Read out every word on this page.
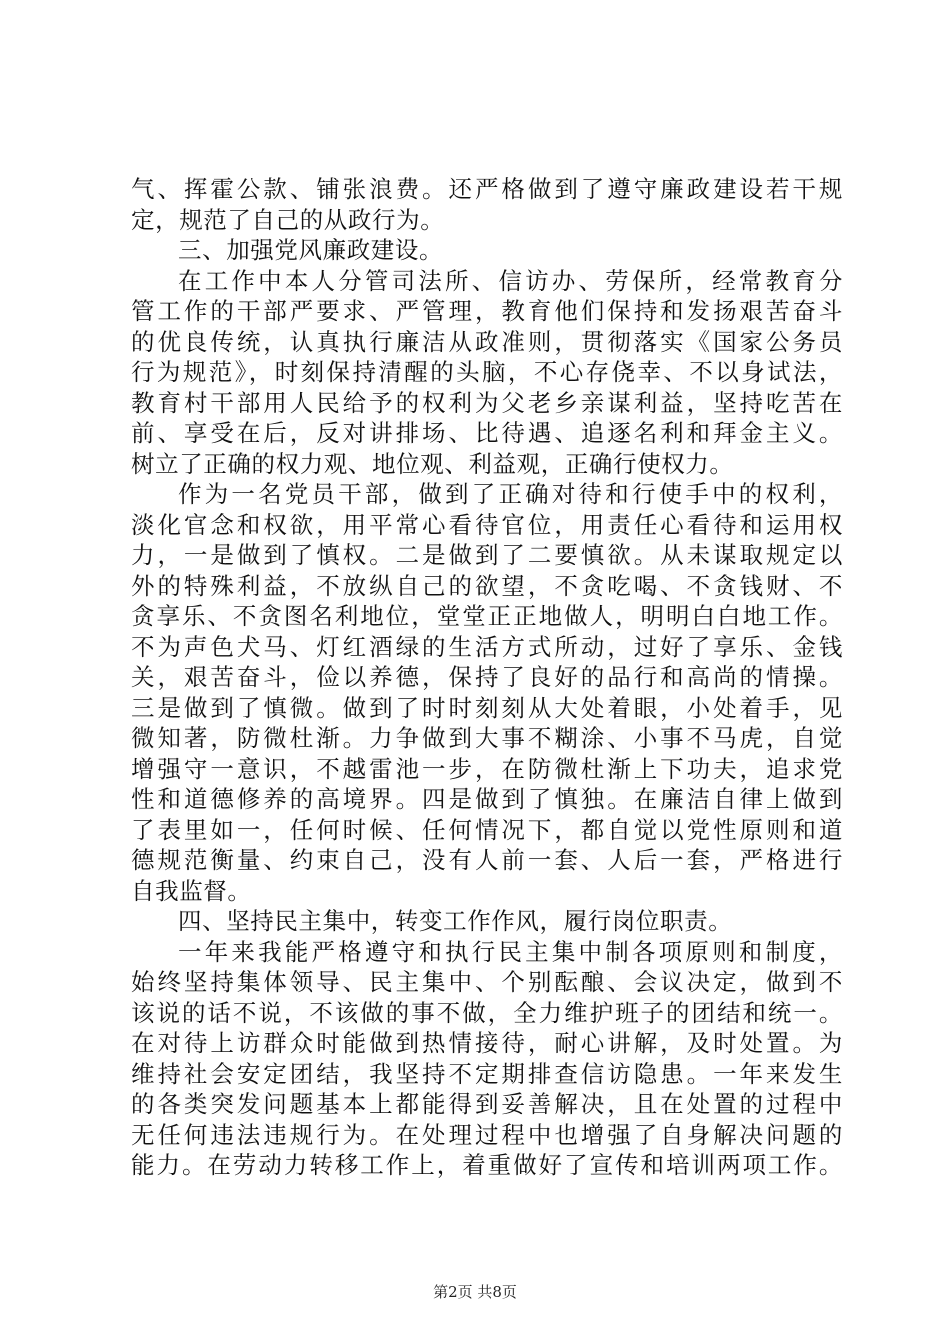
气、挥霍公款、铺张浪费。还严格做到了遵守廉政建设若干规
定，规范了自己的从政行为。
三、加强党风廉政建设。
在工作中本人分管司法所、信访办、劳保所，经常教育分
管工作的干部严要求、严管理，教育他们保持和发扬艰苦奋斗
的优良传统，认真执行廉洁从政准则，贯彻落实《国家公务员
行为规范》，时刻保持清醒的头脑，不心存侥幸、不以身试法，
教育村干部用人民给予的权利为父老乡亲谋利益，坚持吃苦在
前、享受在后，反对讲排场、比待遇、追逐名利和拜金主义。
树立了正确的权力观、地位观、利益观，正确行使权力。
作为一名党员干部，做到了正确对待和行使手中的权利，
淡化官念和权欲，用平常心看待官位，用责任心看待和运用权
力，一是做到了慎权。二是做到了二要慎欲。从未谋取规定以
外的特殊利益，不放纵自己的欲望，不贪吃喝、不贪钱财、不
贪享乐、不贪图名利地位，堂堂正正地做人，明明白白地工作。
不为声色犬马、灯红酒绿的生活方式所动，过好了享乐、金钱
关，艰苦奋斗，俭以养德，保持了良好的品行和高尚的情操。
三是做到了慎微。做到了时时刻刻从大处着眼，小处着手，见
微知著，防微杜渐。力争做到大事不糊涂、小事不马虎，自觉
增强守一意识，不越雷池一步，在防微杜渐上下功夫，追求党
性和道德修养的高境界。四是做到了慎独。在廉洁自律上做到
了表里如一，任何时候、任何情况下，都自觉以党性原则和道
德规范衡量、约束自己，没有人前一套、人后一套，严格进行
自我监督。
四、坚持民主集中，转变工作作风，履行岗位职责。
一年来我能严格遵守和执行民主集中制各项原则和制度，
始终坚持集体领导、民主集中、个别酝酿、会议决定，做到不
该说的话不说，不该做的事不做，全力维护班子的团结和统一。
在对待上访群众时能做到热情接待，耐心讲解，及时处置。为
维持社会安定团结，我坚持不定期排查信访隐患。一年来发生
的各类突发问题基本上都能得到妥善解决，且在处置的过程中
无任何违法违规行为。在处理过程中也增强了自身解决问题的
能力。在劳动力转移工作上，着重做好了宣传和培训两项工作。
第2页 共8页
